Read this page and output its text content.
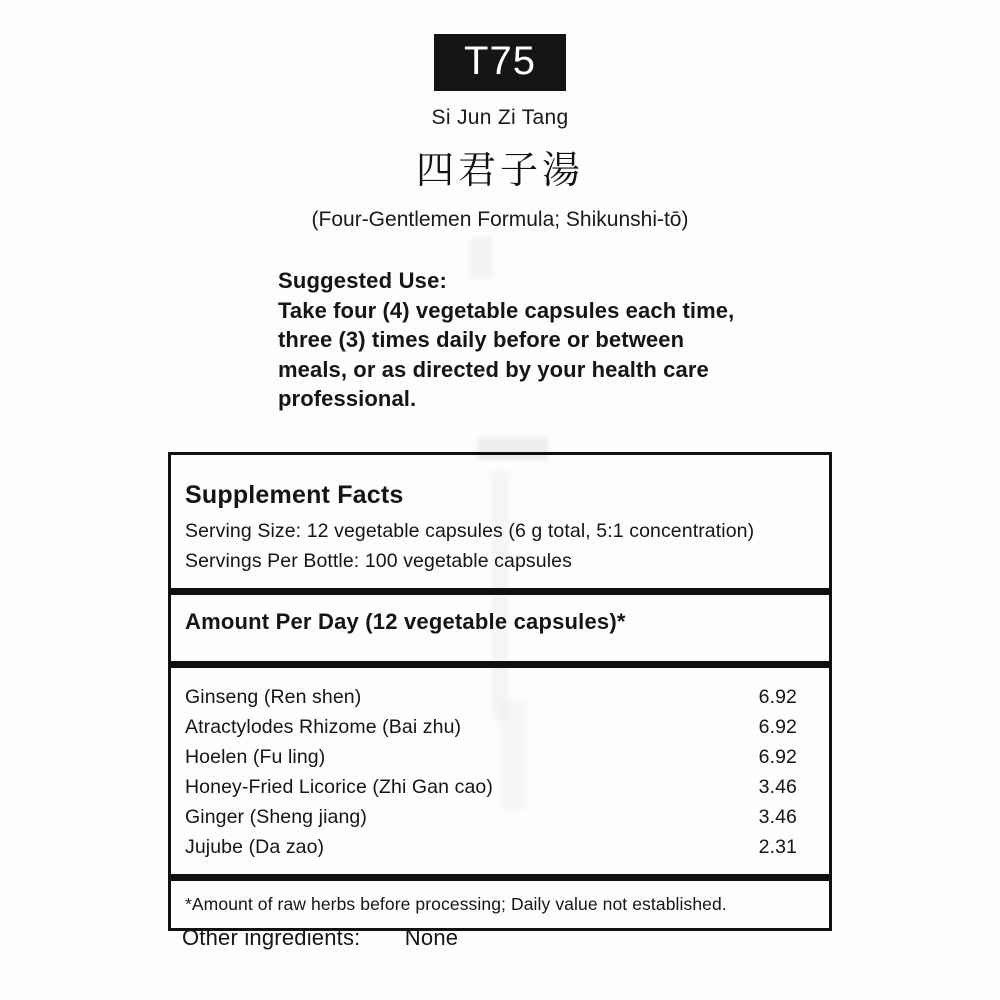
T75
Si Jun Zi Tang
四君子湯
(Four-Gentlemen Formula; Shikunshi-tō)
Suggested Use:
Take four (4) vegetable capsules each time, three (3) times daily before or between meals, or as directed by your health care professional.
Supplement Facts
Serving Size: 12 vegetable capsules (6 g total, 5:1 concentration)
Servings Per Bottle: 100 vegetable capsules
Amount Per Day (12 vegetable capsules)*
Ginseng (Ren shen)	6.92
Atractylodes Rhizome (Bai zhu)	6.92
Hoelen (Fu ling)	6.92
Honey-Fried Licorice (Zhi Gan cao)	3.46
Ginger (Sheng jiang)	3.46
Jujube (Da zao)	2.31
*Amount of raw herbs before processing; Daily value not established.
Other ingredients: None
